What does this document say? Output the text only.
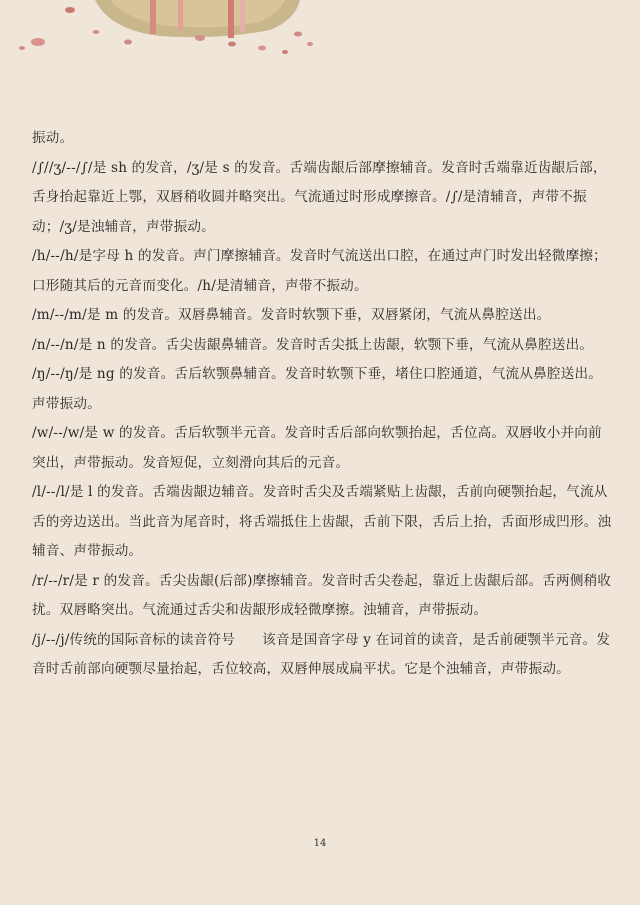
振动。

/∫//ʒ/--/∫/是 sh 的发音，/ʒ/是 s 的发音。舌端齿龈后部摩擦辅音。发音时舌端靠近齿龈后部，舌身抬起靠近上鄂，双唇稍收圆并略突出。气流通过时形成摩擦音。/∫/是清辅音，声带不振动；/ʒ/是浊辅音，声带振动。

/h/--/h/是字母 h 的发音。声门摩擦辅音。发音时气流送出口腔，在通过声门时发出轻微摩擦；口形随其后的元音而变化。/h/是清辅音，声带不振动。

/m/--/m/是 m 的发音。双唇鼻辅音。发音时软颚下垂，双唇紧闭，气流从鼻腔送出。

/n/--/n/是 n 的发音。舌尖齿龈鼻辅音。发音时舌尖抵上齿龈，软颚下垂，气流从鼻腔送出。

/ŋ/--/ŋ/是 ng 的发音。舌后软颚鼻辅音。发音时软颚下垂，堵住口腔通道，气流从鼻腔送出。声带振动。

/w/--/w/是 w 的发音。舌后软颚半元音。发音时舌后部向软颚抬起，舌位高。双唇收小并向前突出，声带振动。发音短促，立刻滑向其后的元音。

/l/--/l/是 l 的发音。舌端齿龈边辅音。发音时舌尖及舌端紧贴上齿龈，舌前向硬颚抬起，气流从舌的旁边送出。当此音为尾音时，将舌端抵住上齿龈，舌前下限，舌后上抬，舌面形成凹形。浊辅音、声带振动。

/r/--/r/是 r 的发音。舌尖齿龈(后部)摩擦辅音。发音时舌尖卷起，靠近上齿龈后部。舌两侧稍收扰。双唇略突出。气流通过舌尖和齿龈形成轻微摩擦。浊辅音，声带振动。

/j/--/j/传统的国际音标的读音符号      该音是国音字母 y 在词首的读音，是舌前硬颚半元音。发音时舌前部向硬颚尽量抬起，舌位较高，双唇伸展成扁平状。它是个浊辅音，声带振动。

14
